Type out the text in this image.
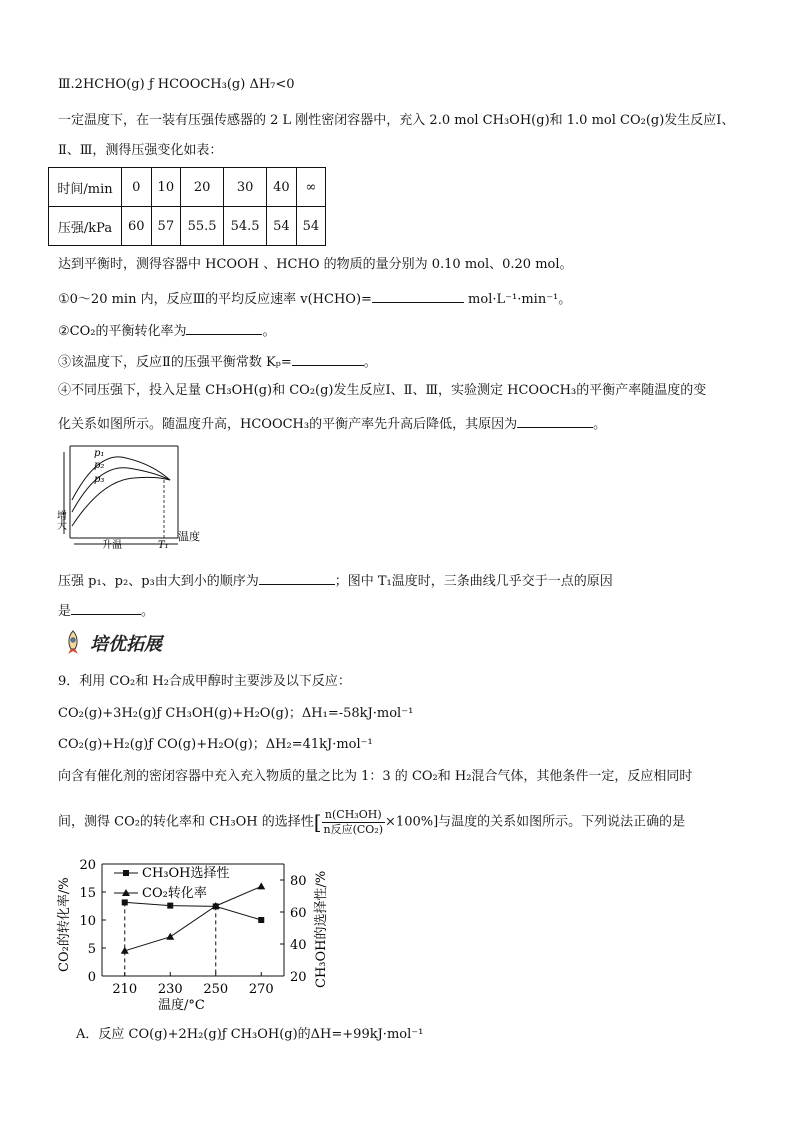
Ⅲ.2HCHO(g) ƒ HCOOCH₃(g) ΔH₇<0
一定温度下，在一装有压强传感器的 2 L 刚性密闭容器中，充入 2.0 mol CH₃OH(g)和 1.0 mol CO₂(g)发生反应Ⅰ、
Ⅱ、Ⅲ，测得压强变化如表：
时间/min	0	10	20	30	40	∞
压强/kPa	60	57	55.5	54.5	54	54
达到平衡时，测得容器中 HCOOH 、HCHO 的物质的量分别为 0.10 mol、0.20 mol。
①0～20 min 内，反应Ⅲ的平均反应速率 v(HCHO)=	mol·L⁻¹·min⁻¹。
②CO₂的平衡转化率为	。
③该温度下，反应Ⅱ的压强平衡常数 Kₚ=	。
④不同压强下，投入足量 CH₃OH(g)和 CO₂(g)发生反应Ⅰ、Ⅱ、Ⅲ，实验测定 HCOOCH₃的平衡产率随温度的变
化关系如图所示。随温度升高，HCOOCH₃的平衡产率先升高后降低，其原因为	。
p₁
p₂
p₃
增大
升温	T₁
温度
压强 p₁、p₂、p₃由大到小的顺序为	；图中 T₁温度时，三条曲线几乎交于一点的原因
是	。
培优拓展
9．利用 CO₂和 H₂合成甲醇时主要涉及以下反应：
CO₂(g)+3H₂(g)ƒ CH₃OH(g)+H₂O(g)；ΔH₁=-58kJ·mol⁻¹
CO₂(g)+H₂(g)ƒ CO(g)+H₂O(g)；ΔH₂=41kJ·mol⁻¹
向含有催化剂的密闭容器中充入充入物质的量之比为 1：3 的 CO₂和 H₂混合气体，其他条件一定，反应相同时
间，测得 CO₂的转化率和 CH₃OH 的选择性[ $\frac{\text{n(CH₃OH)}}{\text{n反应(CO₂)}} \times 100\%$]与温度的关系如图所示。下列说法正确的是
0
5
10
15
20
20
40
60
80
210 230 250 270
温度/°C
CO₂的转化率/%	CH₃OH的选择性/%
CH₃OH选择性
CO₂转化率
A．反应 CO(g)+2H₂(g)ƒ CH₃OH(g)的ΔH=+99kJ·mol⁻¹
